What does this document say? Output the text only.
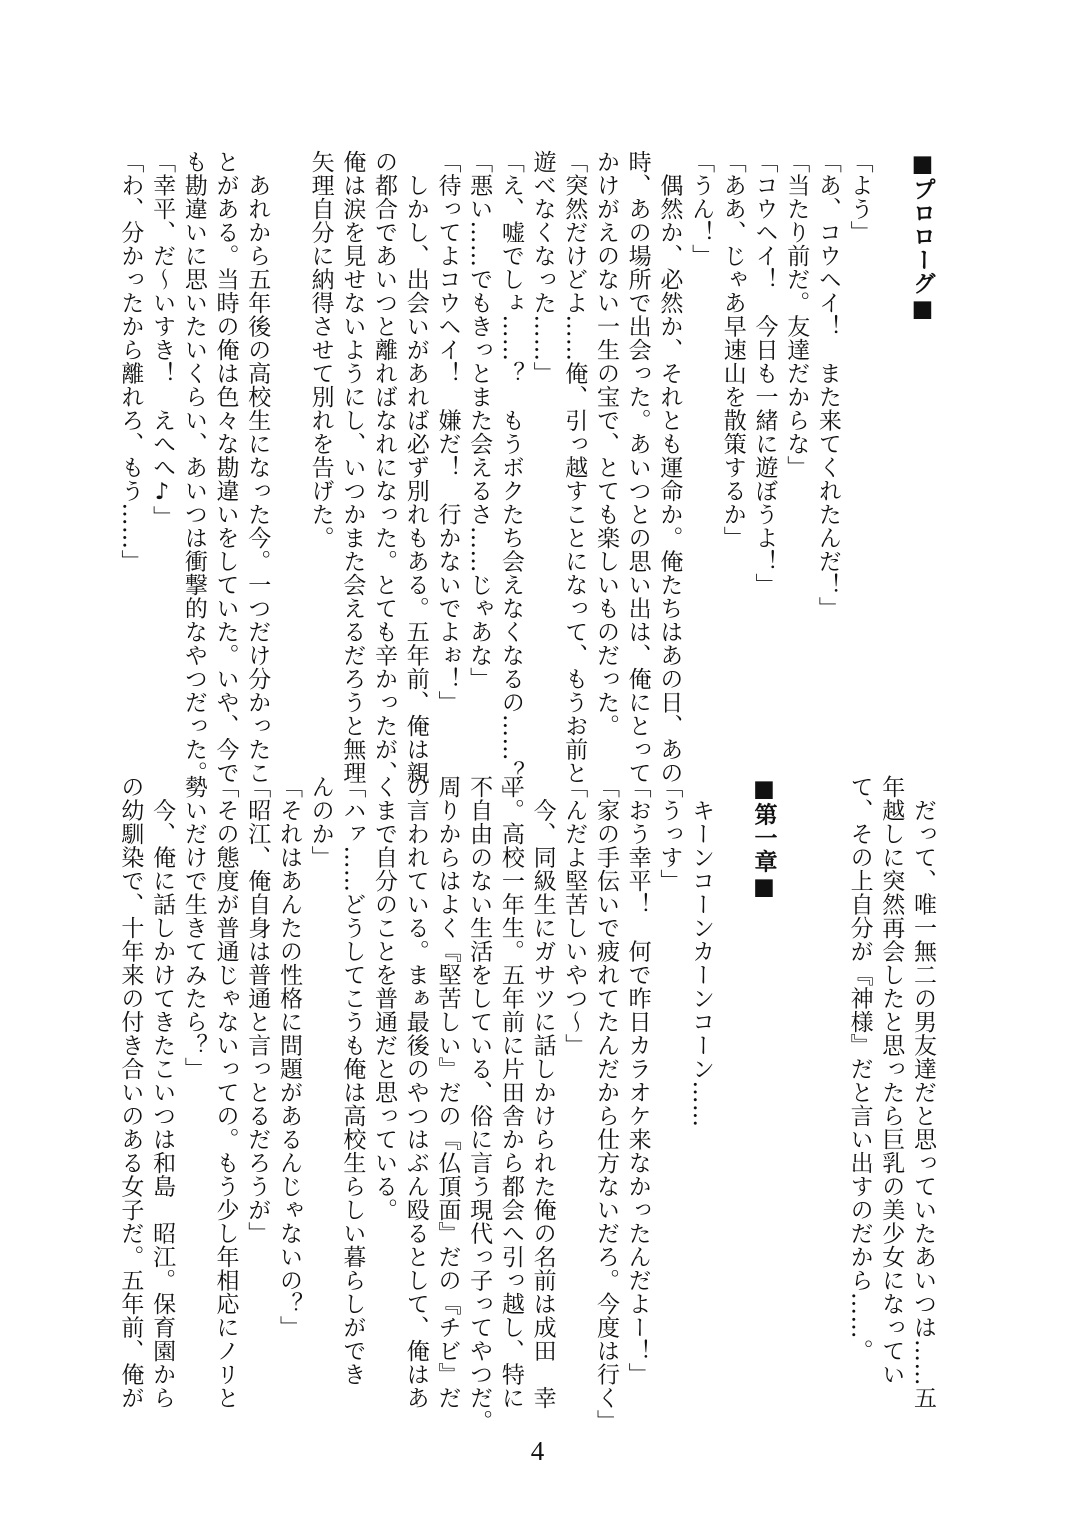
■プロローグ■
「よう」
「あ、コウヘイ！　また来てくれたんだ！」
「当たり前だ。友達だからな」
「コウヘイ！　今日も一緒に遊ぼうよ！」
「ああ、じゃあ早速山を散策するか」
「うん！」
　偶然か、必然か、それとも運命か。俺たちはあの日、あの
時、あの場所で出会った。あいつとの思い出は、俺にとって
かけがえのない一生の宝で、とても楽しいものだった。
「突然だけどよ……俺、引っ越すことになって、もうお前と
遊べなくなった……」
「え、嘘でしょ……？　もうボクたち会えなくなるの……？」
「悪い……でもきっとまた会えるさ……じゃあな」
「待ってよコウヘイ！　嫌だ！　行かないでよぉ！」
　しかし、出会いがあれば必ず別れもある。五年前、俺は親
の都合であいつと離ればなれになった。とても辛かったが、
俺は涙を見せないようにし、いつかまた会えるだろうと無理
矢理自分に納得させて別れを告げた。
　あれから五年後の高校生になった今。一つだけ分かったこ
とがある。当時の俺は色々な勘違いをしていた。いや、今で
も勘違いに思いたいくらい、あいつは衝撃的なやつだった。
「幸平、だ〜いすき！　えへへ♪」
「わ、分かったから離れろ、もう……」
　だって、唯一無二の男友達だと思っていたあいつは……五
年越しに突然再会したと思ったら巨乳の美少女になってい
て、その上自分が『神様』だと言い出すのだから……。
■第一章■
　キーンコーンカーンコーン……
「うっす」
「おう幸平！　何で昨日カラオケ来なかったんだよー！」
「家の手伝いで疲れてたんだから仕方ないだろ。今度は行く」
「んだよ堅苦しいやつ〜」
　今、同級生にガサツに話しかけられた俺の名前は成田　幸
平。高校一年生。五年前に片田舎から都会へ引っ越し、特に
不自由のない生活をしている、俗に言う現代っ子ってやつだ。
周りからはよく『堅苦しい』だの『仏頂面』だの『チビ』だ
の言われている。まぁ最後のやつはぶん殴るとして、俺はあ
くまで自分のことを普通だと思っている。
「ハァ……どうしてこうも俺は高校生らしい暮らしができ
んのか」
「それはあんたの性格に問題があるんじゃないの？」
「昭江、俺自身は普通と言っとるだろうが」
「その態度が普通じゃないっての。もう少し年相応にノリと
勢いだけで生きてみたら？」
　今、俺に話しかけてきたこいつは和島　昭江。保育園から
の幼馴染で、十年来の付き合いのある女子だ。五年前、俺が
4
